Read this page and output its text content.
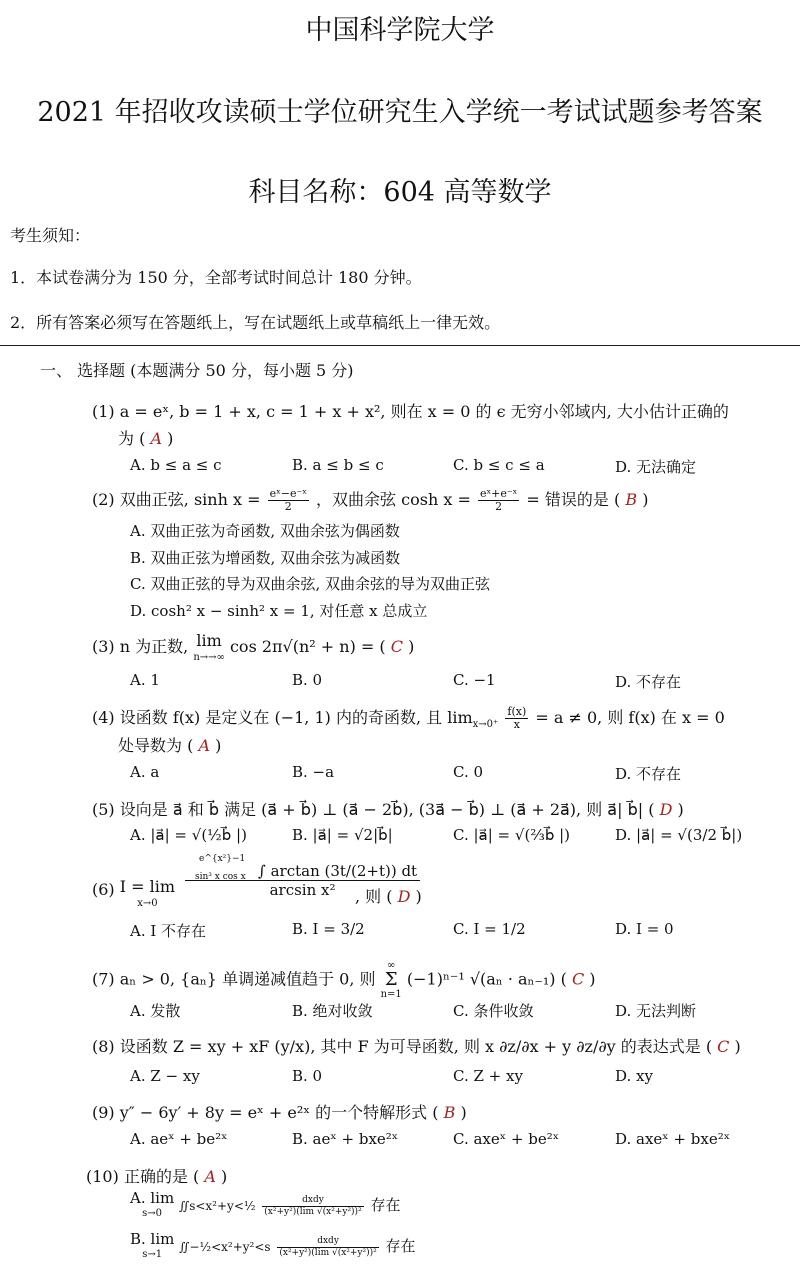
中国科学院大学
2021 年招收攻读硕士学位研究生入学统一考试试题参考答案
科目名称：604 高等数学
考生须知：
1．本试卷满分为 150 分，全部考试时间总计 180 分钟。
2．所有答案必须写在答题纸上，写在试题纸上或草稿纸上一律无效。
一、 选择题 (本题满分 50 分，每小题 5 分)
(1) a = eˣ, b = 1 + x, c = 1 + x + x², 则在 x = 0 的 ϵ 无穷小邻域内, 大小估计正确的
为 ( A )
A. b ≤ a ≤ c	B. a ≤ b ≤ c	C. b ≤ c ≤ a	D. 无法确定
(2) 双曲正弦, $\sinh x = \frac{\text{eˣ−e⁻ˣ}}{2}$ ，双曲余弦 $\cosh x = \frac{\text{eˣ+e⁻ˣ}}{2}$ = 错误的是 ( B )
A. 双曲正弦为奇函数, 双曲余弦为偶函数
B. 双曲正弦为增函数, 双曲余弦为减函数
C. 双曲正弦的导为双曲余弦, 双曲余弦的导为双曲正弦
D. cosh² x − sinh² x = 1, 对任意 x 总成立
(3) n 为正数, lim
n→→∞ cos 2π√(n² + n) = ( C )
A. 1	B. 0	C. −1	D. 不存在
(4) 设函数 f(x) 是定义在 (−1, 1) 内的奇函数, 且 $\lim_{x\to 0^+} \frac{f(x)}{x} = a \ne 0$, 则 f(x) 在 x = 0
处导数为 ( A )
A. a	B. −a	C. 0	D. 不存在
(5) 设向是 a⃗ 和 b⃗ 满足 (a⃗ + b⃗) ⊥ (a⃗ − 2b⃗), (3a⃗ − b⃗) ⊥ (a⃗ + 2a⃗), 则 a⃗| b⃗| ( D )
A. |a⃗| = √(½b⃗ |)	B. |a⃗| = √2|b⃗|	C. |a⃗| = √(⅔b⃗ |)	D. |a⃗| = √(3/2 b⃗|)
(6) I = lim
x→0
e^{x²}−1
sin³ x cos x ∫ arctan (3t/(2+t)) dt
arcsin x²	, 则 ( D )
A. I 不存在	B. I = 3/2	C. I = 1/2	D. I = 0
(7) aₙ > 0, {aₙ} 单调递减值趋于 0, 则 ∞
Σ
n=1 (−1)ⁿ⁻¹ √(aₙ · aₙ₋₁) ( C )
A. 发散	B. 绝对收敛	C. 条件收敛	D. 无法判断
(8) 设函数 Z = xy + xF (y/x), 其中 F 为可导函数, 则 x ∂z/∂x + y ∂z/∂y 的表达式是 ( C )
A. Z − xy	B. 0	C. Z + xy	D. xy
(9) y″ − 6y′ + 8y = eˣ + e²ˣ 的一个特解形式 ( B )
A. aeˣ + be²ˣ	B. aeˣ + bxe²ˣ	C. axeˣ + be²ˣ	D. axeˣ + bxe²ˣ
(10) 正确的是 ( A )
A. lim
s→0 ∬s<x²+y<½ $\frac{\text{dxdy}}{\text{(x²+y²)(lim √(x²+y²))²}}$ 存在
B. lim
s→1 ∬−½<x²+y²<s $\frac{\text{dxdy}}{\text{(x²+y²)(lim √(x²+y²))²}}$ 存在
